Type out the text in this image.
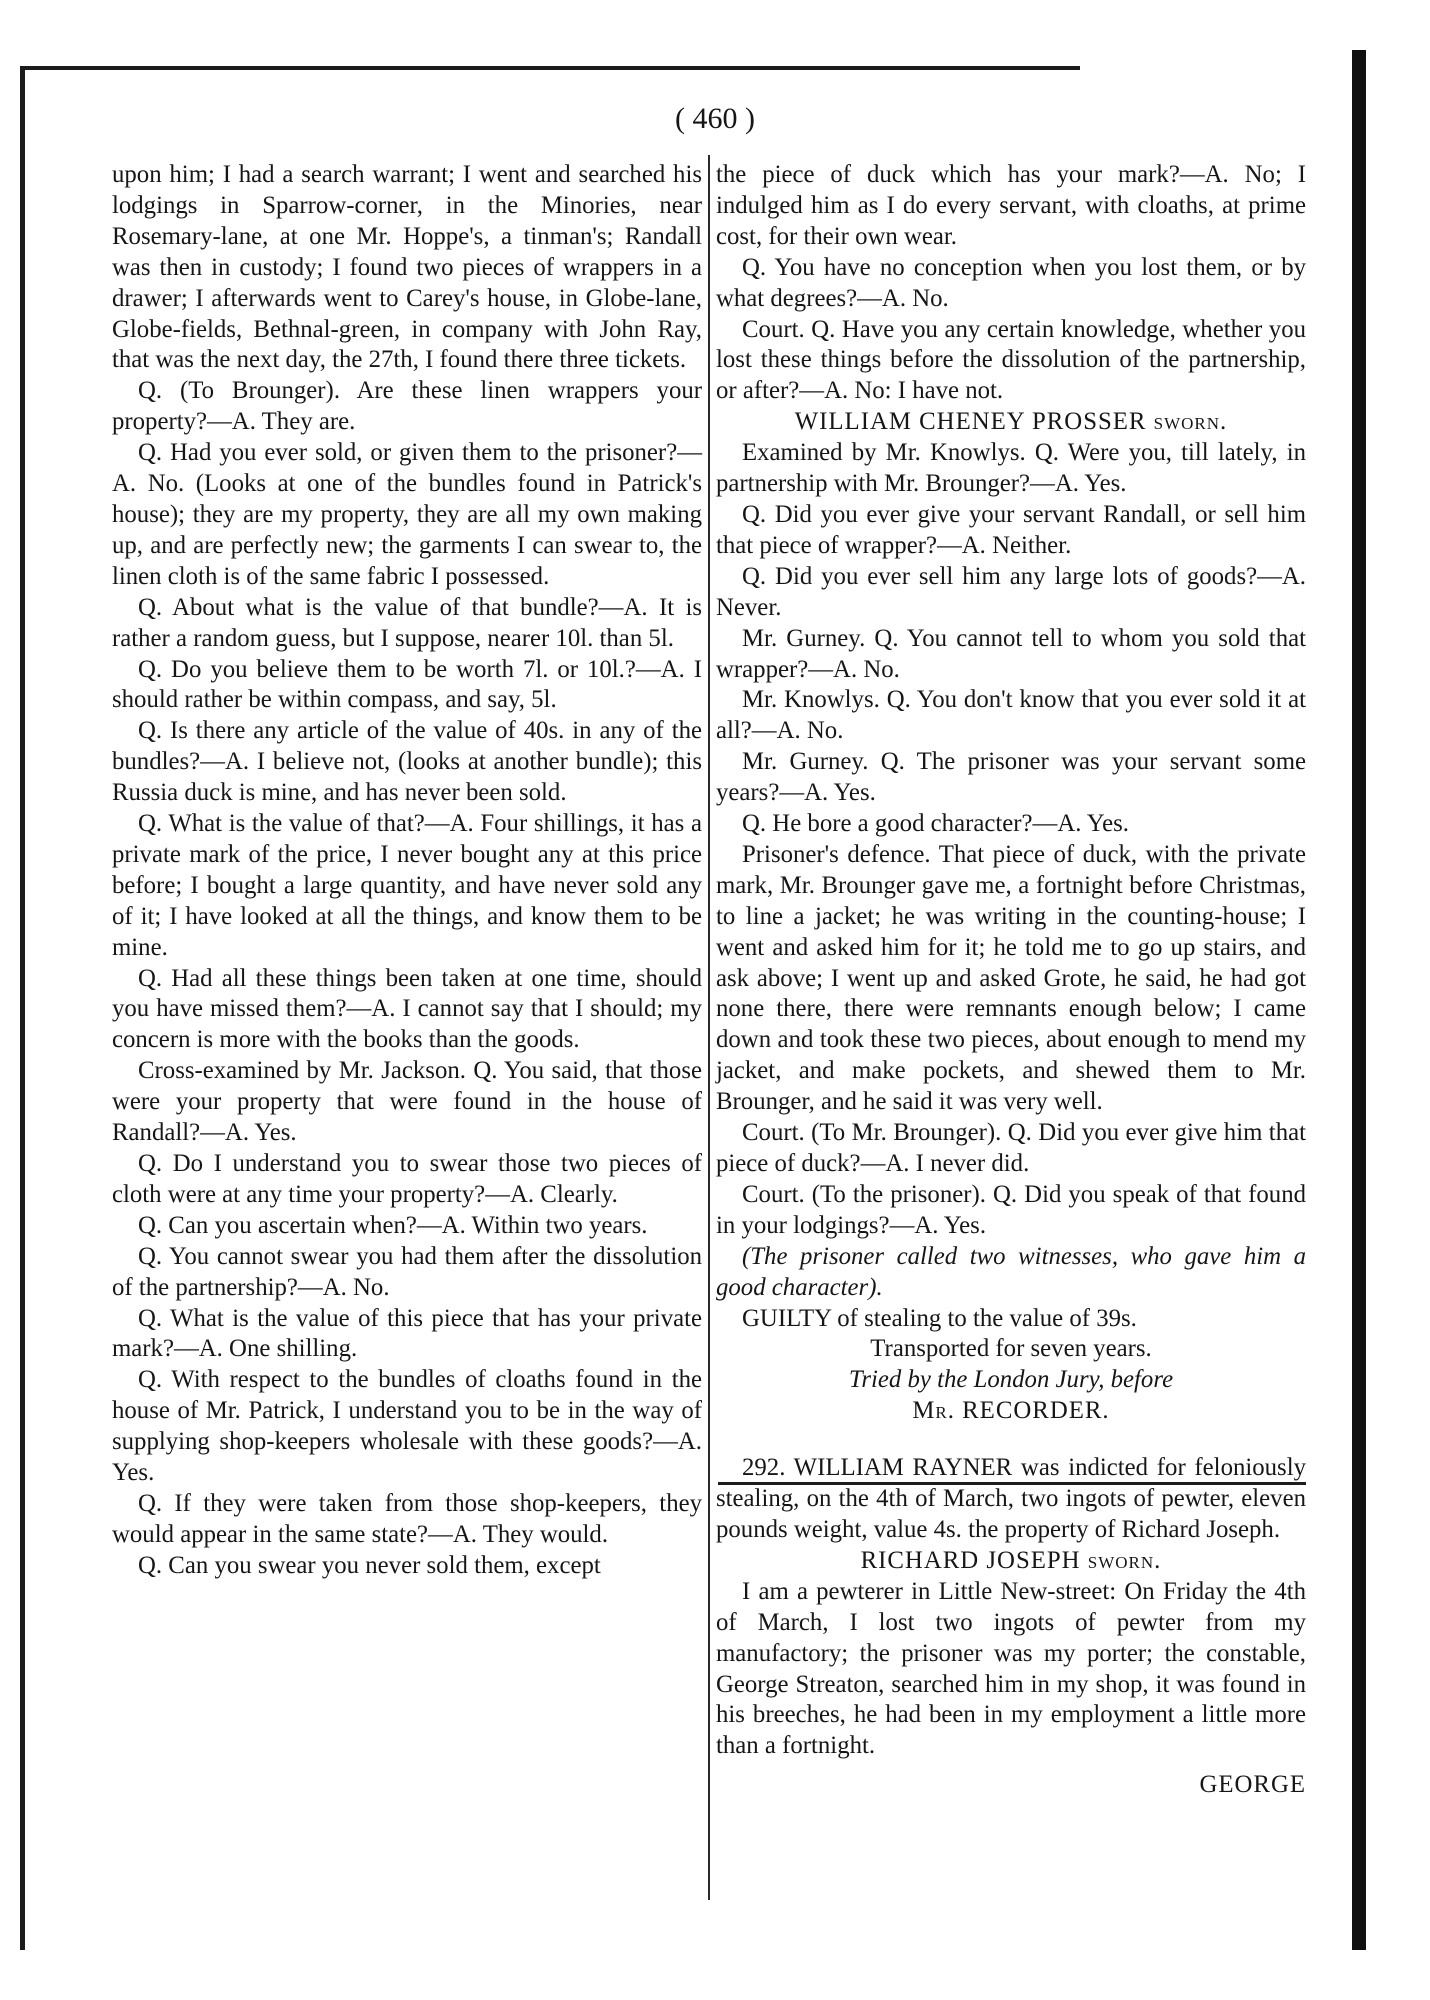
( 460 )

upon him; I had a search warrant; I went and searched his lodgings in Sparrow-corner, in the Minories, near Rosemary-lane, at one Mr. Hoppe's, a tinman's; Randall was then in custody; I found two pieces of wrappers in a drawer; I afterwards went to Carey's house, in Globe-lane, Globe-fields, Bethnal-green, in company with John Ray, that was the next day, the 27th, I found there three tickets.

Q. (To Brounger). Are these linen wrappers your property?—A. They are.

Q. Had you ever sold, or given them to the prisoner?—A. No. (Looks at one of the bundles found in Patrick's house); they are my property, they are all my own making up, and are perfectly new; the garments I can swear to, the linen cloth is of the same fabric I possessed.

Q. About what is the value of that bundle?—A. It is rather a random guess, but I suppose, nearer 10l. than 5l.

Q. Do you believe them to be worth 7l. or 10l.?—A. I should rather be within compass, and say, 5l.

Q. Is there any article of the value of 40s. in any of the bundles?—A. I believe not, (looks at another bundle); this Russia duck is mine, and has never been sold.

Q. What is the value of that?—A. Four shillings, it has a private mark of the price, I never bought any at this price before; I bought a large quantity, and have never sold any of it; I have looked at all the things, and know them to be mine.

Q. Had all these things been taken at one time, should you have missed them?—A. I cannot say that I should; my concern is more with the books than the goods.

Cross-examined by Mr. Jackson. Q. You said, that those were your property that were found in the house of Randall?—A. Yes.

Q. Do I understand you to swear those two pieces of cloth were at any time your property?—A. Clearly.

Q. Can you ascertain when?—A. Within two years.

Q. You cannot swear you had them after the dissolution of the partnership?—A. No.

Q. What is the value of this piece that has your private mark?—A. One shilling.

Q. With respect to the bundles of cloaths found in the house of Mr. Patrick, I understand you to be in the way of supplying shop-keepers wholesale with these goods?—A. Yes.

Q. If they were taken from those shop-keepers, they would appear in the same state?—A. They would.

Q. Can you swear you never sold them, except

the piece of duck which has your mark?—A. No; I indulged him as I do every servant, with cloaths, at prime cost, for their own wear.

Q. You have no conception when you lost them, or by what degrees?—A. No.

Court. Q. Have you any certain knowledge, whether you lost these things before the dissolution of the partnership, or after?—A. No: I have not.

WILLIAM CHENEY PROSSER sworn.

Examined by Mr. Knowlys. Q. Were you, till lately, in partnership with Mr. Brounger?—A. Yes.

Q. Did you ever give your servant Randall, or sell him that piece of wrapper?—A. Neither.

Q. Did you ever sell him any large lots of goods?—A. Never.

Mr. Gurney. Q. You cannot tell to whom you sold that wrapper?—A. No.

Mr. Knowlys. Q. You don't know that you ever sold it at all?—A. No.

Mr. Gurney. Q. The prisoner was your servant some years?—A. Yes.

Q. He bore a good character?—A. Yes.

Prisoner's defence. That piece of duck, with the private mark, Mr. Brounger gave me, a fortnight before Christmas, to line a jacket; he was writing in the counting-house; I went and asked him for it; he told me to go up stairs, and ask above; I went up and asked Grote, he said, he had got none there, there were remnants enough below; I came down and took these two pieces, about enough to mend my jacket, and make pockets, and shewed them to Mr. Brounger, and he said it was very well.

Court. (To Mr. Brounger). Q. Did you ever give him that piece of duck?—A. I never did.

Court. (To the prisoner). Q. Did you speak of that found in your lodgings?—A. Yes.

(The prisoner called two witnesses, who gave him a good character).

GUILTY of stealing to the value of 39s.

Transported for seven years.

Tried by the London Jury, before

Mr. RECORDER.

292. WILLIAM RAYNER was indicted for feloniously stealing, on the 4th of March, two ingots of pewter, eleven pounds weight, value 4s. the property of Richard Joseph.

RICHARD JOSEPH sworn.

I am a pewterer in Little New-street: On Friday the 4th of March, I lost two ingots of pewter from my manufactory; the prisoner was my porter; the constable, George Streaton, searched him in my shop, it was found in his breeches, he had been in my employment a little more than a fortnight.

GEORGE
